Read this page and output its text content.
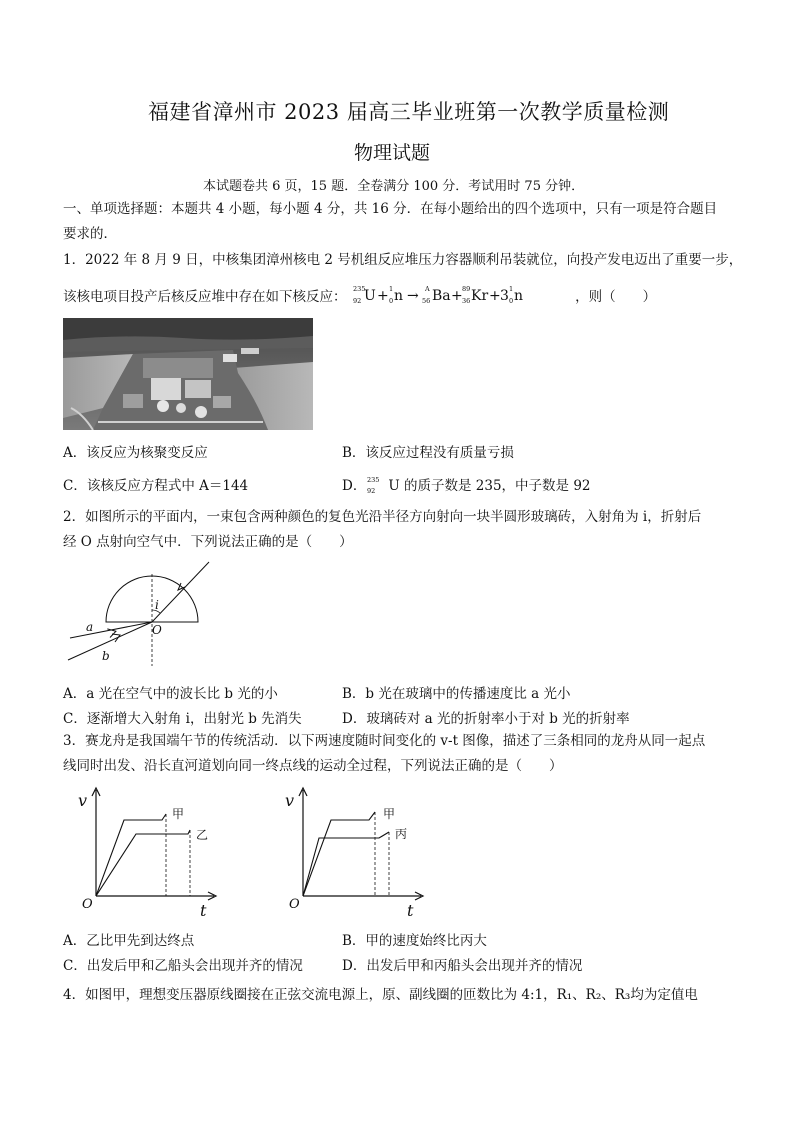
福建省漳州市 2023 届高三毕业班第一次教学质量检测
物理试题
本试题卷共 6 页，15 题．全卷满分 100 分．考试用时 75 分钟．
一、单项选择题：本题共 4 小题，每小题 4 分，共 16 分．在每小题给出的四个选项中，只有一项是符合题目
要求的．
1．2022 年 8 月 9 日，中核集团漳州核电 2 号机组反应堆压力容器顺利吊装就位，向投产发电迈出了重要一步，
该核电项目投产后核反应堆中存在如下核反应： 235
92 U + 1
0 n → A
56 Ba + 89
36 Kr + 3 1
0 n	，则（　　）
A．该反应为核聚变反应	B．该反应过程没有质量亏损
C．该核反应方程式中 A＝144	D． 235
92 U 的质子数是 235，中子数是 92
2．如图所示的平面内，一束包含两种颜色的复色光沿半径方向射向一块半圆形玻璃砖，入射角为 i，折射后
经 O 点射向空气中．下列说法正确的是（　　）
i
a	O
b
A．a 光在空气中的波长比 b 光的小	B．b 光在玻璃中的传播速度比 a 光小
C．逐渐增大入射角 i，出射光 b 先消失	D．玻璃砖对 a 光的折射率小于对 b 光的折射率
3．赛龙舟是我国端午节的传统活动．以下两速度随时间变化的 v-t 图像，描述了三条相同的龙舟从同一起点
线同时出发、沿长直河道划向同一终点线的运动全过程，下列说法正确的是（　　）
v
t
O
甲
乙
v
t
O
甲
丙
A．乙比甲先到达终点	B．甲的速度始终比丙大
C．出发后甲和乙船头会出现并齐的情况	D．出发后甲和丙船头会出现并齐的情况
4．如图甲，理想变压器原线圈接在正弦交流电源上，原、副线圈的匝数比为 4:1，R₁、R₂、R₃均为定值电
